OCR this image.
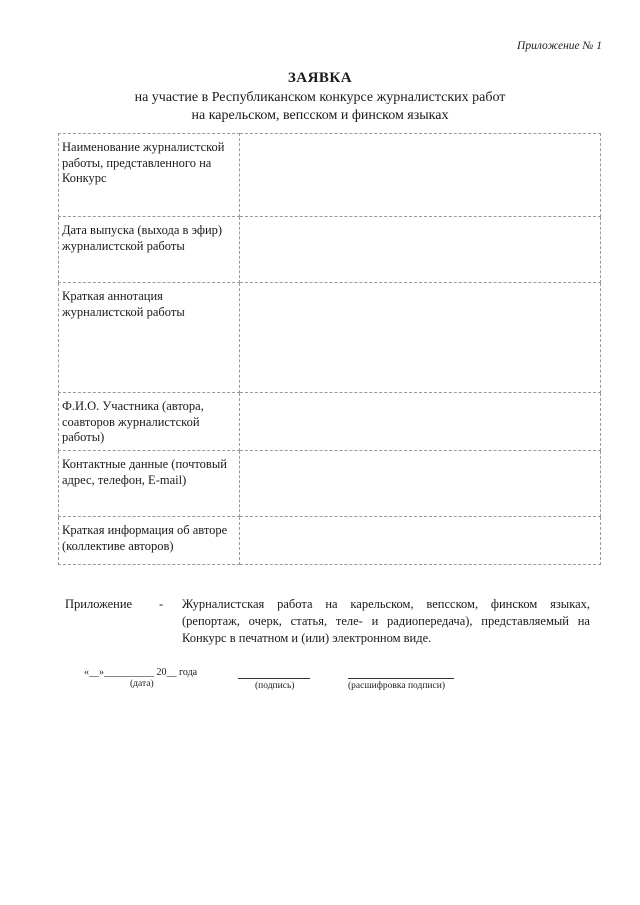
Приложение № 1
ЗАЯВКА
на участие в Республиканском конкурсе журналистских работ
на карельском, вепсском и финском языках
Наименование журналистской работы, представленного на Конкурс	
Дата выпуска (выхода в эфир) журналистской работы	
Краткая аннотация журналистской работы	
Ф.И.О. Участника (автора, соавторов журналистской работы)	
Контактные данные (почтовый адрес, телефон, E-mail)	
Краткая информация об авторе (коллективе авторов)	
Приложение - Журналистская работа на карельском, вепсском, финском языках, (репортаж, очерк, статья, теле- и радиопередача), представляемый на Конкурс в печатном и (или) электронном виде.
«__»__________ 20__ года
(дата)	(подпись)	(расшифровка подписи)
